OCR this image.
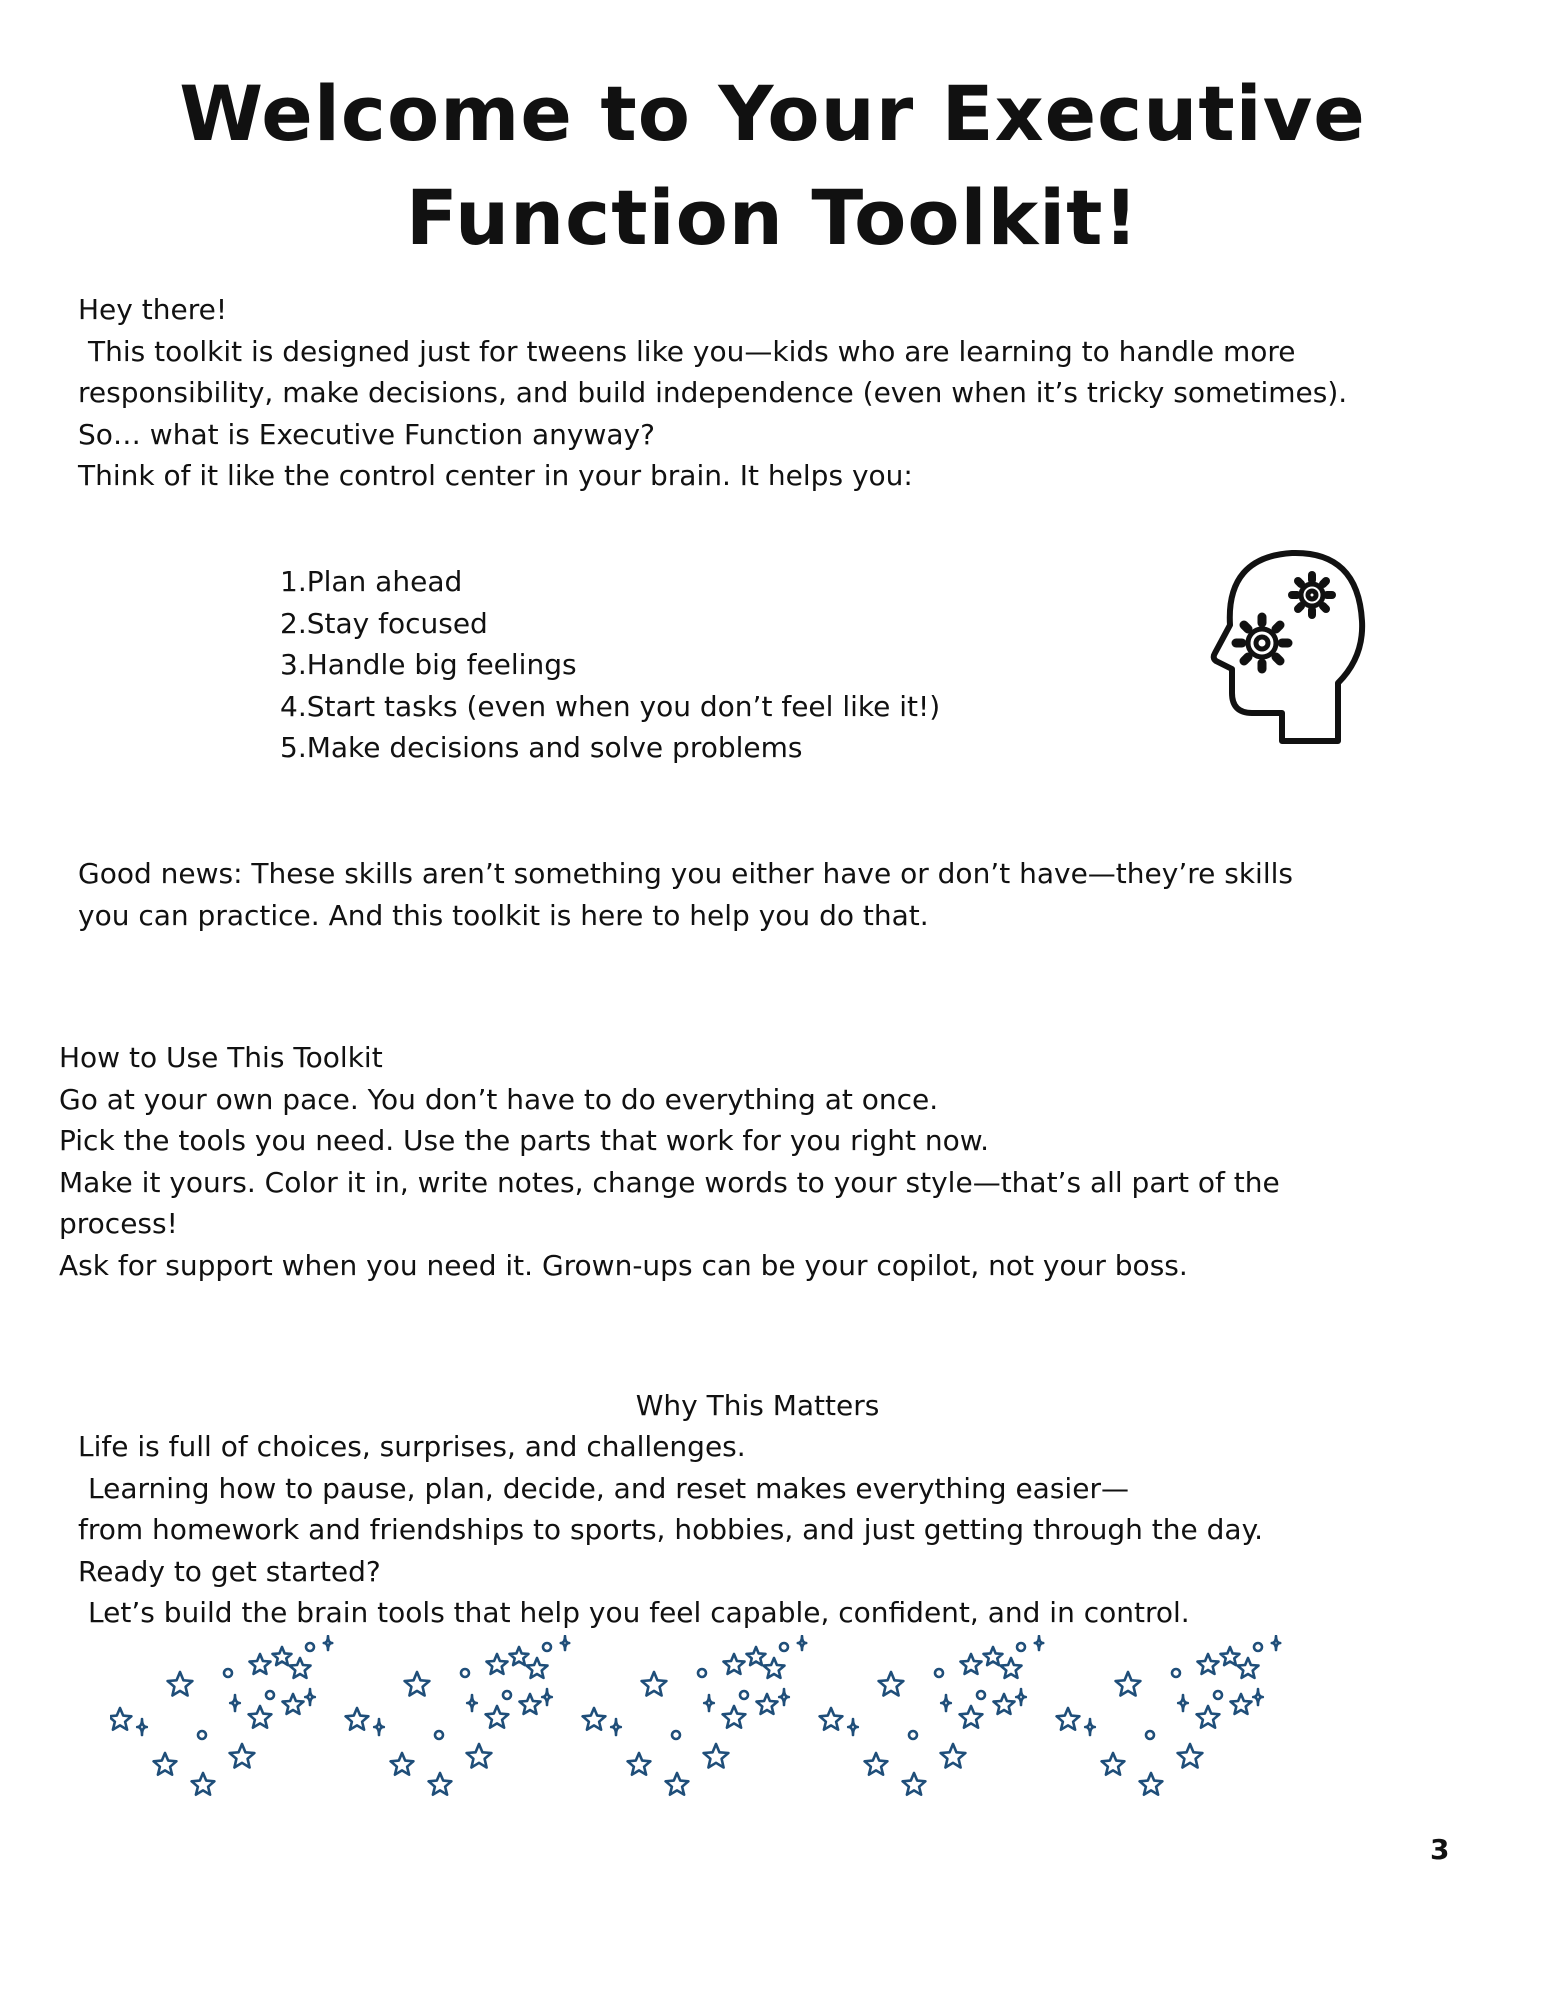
Welcome to Your Executive
Function Toolkit!
Hey there!
This toolkit is designed just for tweens like you—kids who are learning to handle more
responsibility, make decisions, and build independence (even when it’s tricky sometimes).
So… what is Executive Function anyway?
Think of it like the control center in your brain. It helps you:
1.Plan ahead
2.Stay focused
3.Handle big feelings
4.Start tasks (even when you don’t feel like it!)
5.Make decisions and solve problems
Good news: These skills aren’t something you either have or don’t have—they’re skills
you can practice. And this toolkit is here to help you do that.
How to Use This Toolkit
Go at your own pace. You don’t have to do everything at once.
Pick the tools you need. Use the parts that work for you right now.
Make it yours. Color it in, write notes, change words to your style—that’s all part of the
process!
Ask for support when you need it. Grown-ups can be your copilot, not your boss.
Why This Matters
Life is full of choices, surprises, and challenges.
Learning how to pause, plan, decide, and reset makes everything easier—
from homework and friendships to sports, hobbies, and just getting through the day.
Ready to get started?
Let’s build the brain tools that help you feel capable, confident, and in control.
3
